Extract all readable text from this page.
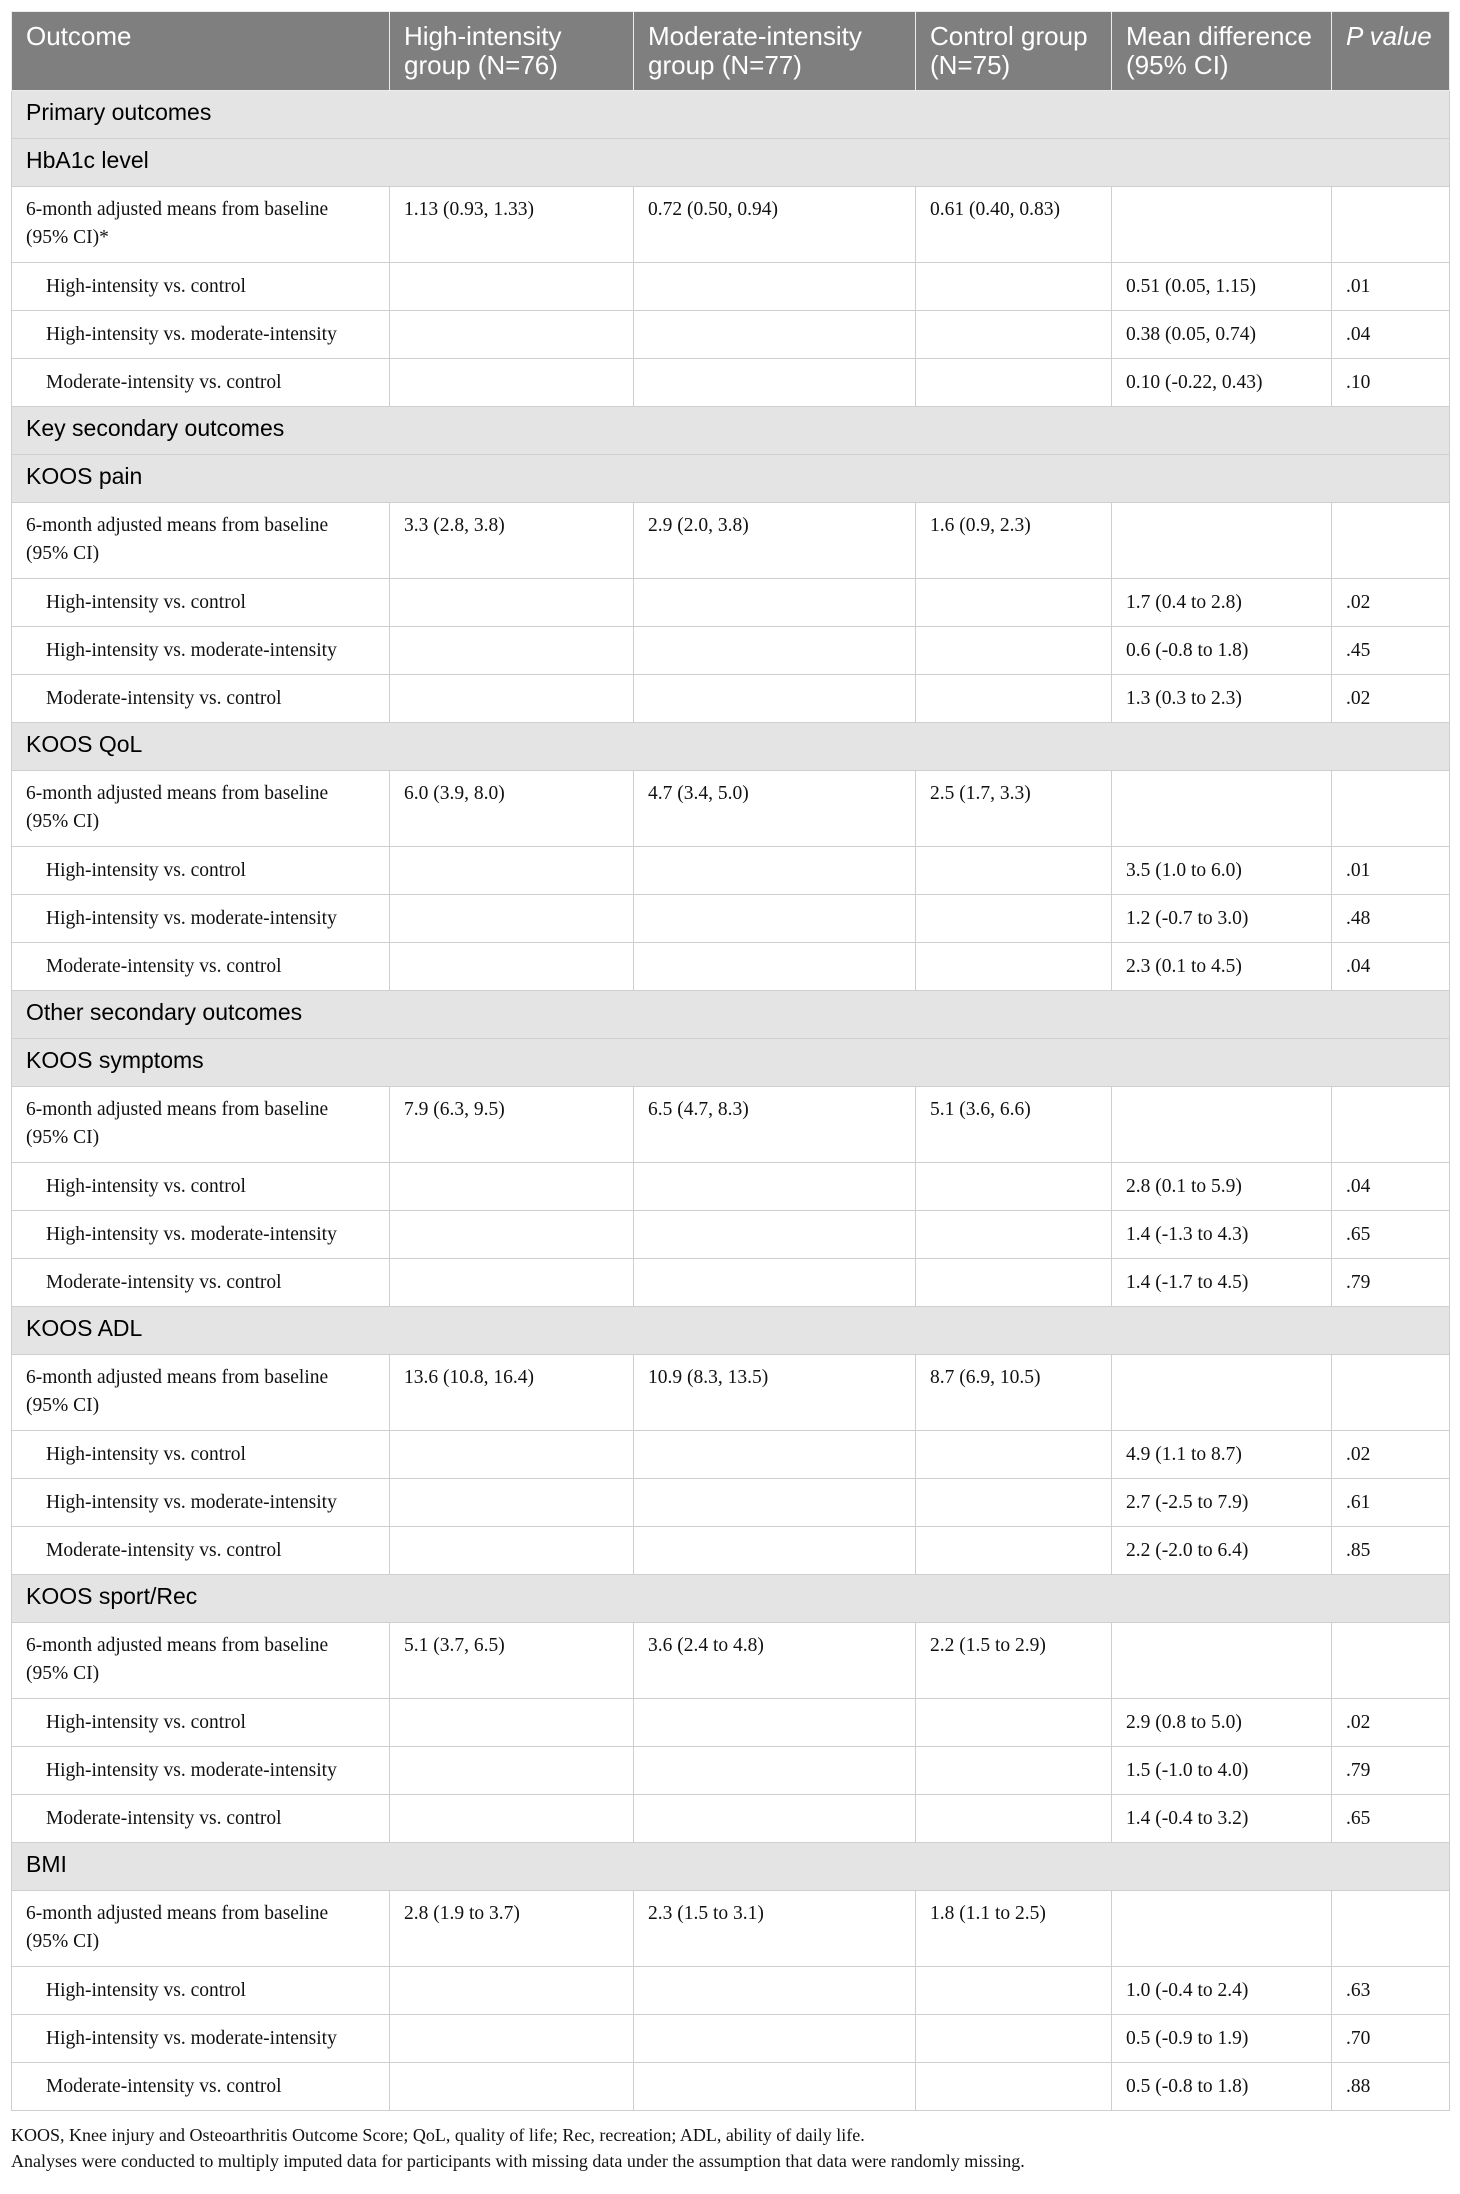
Outcome	High-intensity group (N=76)	Moderate-intensity group (N=77)	Control group (N=75)	Mean difference (95% CI)	P value
Primary outcomes					
HbA1c level					
6-month adjusted means from baseline (95% CI)*	1.13 (0.93, 1.33)	0.72 (0.50, 0.94)	0.61 (0.40, 0.83)		
High-intensity vs. control				0.51 (0.05, 1.15)	.01
High-intensity vs. moderate-intensity				0.38 (0.05, 0.74)	.04
Moderate-intensity vs. control				0.10 (-0.22, 0.43)	.10
Key secondary outcomes					
KOOS pain					
6-month adjusted means from baseline (95% CI)	3.3 (2.8, 3.8)	2.9 (2.0, 3.8)	1.6 (0.9, 2.3)		
High-intensity vs. control				1.7 (0.4 to 2.8)	.02
High-intensity vs. moderate-intensity				0.6 (-0.8 to 1.8)	.45
Moderate-intensity vs. control				1.3 (0.3 to 2.3)	.02
KOOS QoL					
6-month adjusted means from baseline (95% CI)	6.0 (3.9, 8.0)	4.7 (3.4, 5.0)	2.5 (1.7, 3.3)		
High-intensity vs. control				3.5 (1.0 to 6.0)	.01
High-intensity vs. moderate-intensity				1.2 (-0.7 to 3.0)	.48
Moderate-intensity vs. control				2.3 (0.1 to 4.5)	.04
Other secondary outcomes					
KOOS symptoms					
6-month adjusted means from baseline (95% CI)	7.9 (6.3, 9.5)	6.5 (4.7, 8.3)	5.1 (3.6, 6.6)		
High-intensity vs. control				2.8 (0.1 to 5.9)	.04
High-intensity vs. moderate-intensity				1.4 (-1.3 to 4.3)	.65
Moderate-intensity vs. control				1.4 (-1.7 to 4.5)	.79
KOOS ADL					
6-month adjusted means from baseline (95% CI)	13.6 (10.8, 16.4)	10.9 (8.3, 13.5)	8.7 (6.9, 10.5)		
High-intensity vs. control				4.9 (1.1 to 8.7)	.02
High-intensity vs. moderate-intensity				2.7 (-2.5 to 7.9)	.61
Moderate-intensity vs. control				2.2 (-2.0 to 6.4)	.85
KOOS sport/Rec					
6-month adjusted means from baseline (95% CI)	5.1 (3.7, 6.5)	3.6 (2.4 to 4.8)	2.2 (1.5 to 2.9)		
High-intensity vs. control				2.9 (0.8 to 5.0)	.02
High-intensity vs. moderate-intensity				1.5 (-1.0 to 4.0)	.79
Moderate-intensity vs. control				1.4 (-0.4 to 3.2)	.65
BMI					
6-month adjusted means from baseline (95% CI)	2.8 (1.9 to 3.7)	2.3 (1.5 to 3.1)	1.8 (1.1 to 2.5)		
High-intensity vs. control				1.0 (-0.4 to 2.4)	.63
High-intensity vs. moderate-intensity				0.5 (-0.9 to 1.9)	.70
Moderate-intensity vs. control				0.5 (-0.8 to 1.8)	.88
KOOS, Knee injury and Osteoarthritis Outcome Score; QoL, quality of life; Rec, recreation; ADL, ability of daily life.
Analyses were conducted to multiply imputed data for participants with missing data under the assumption that data were randomly missing.
